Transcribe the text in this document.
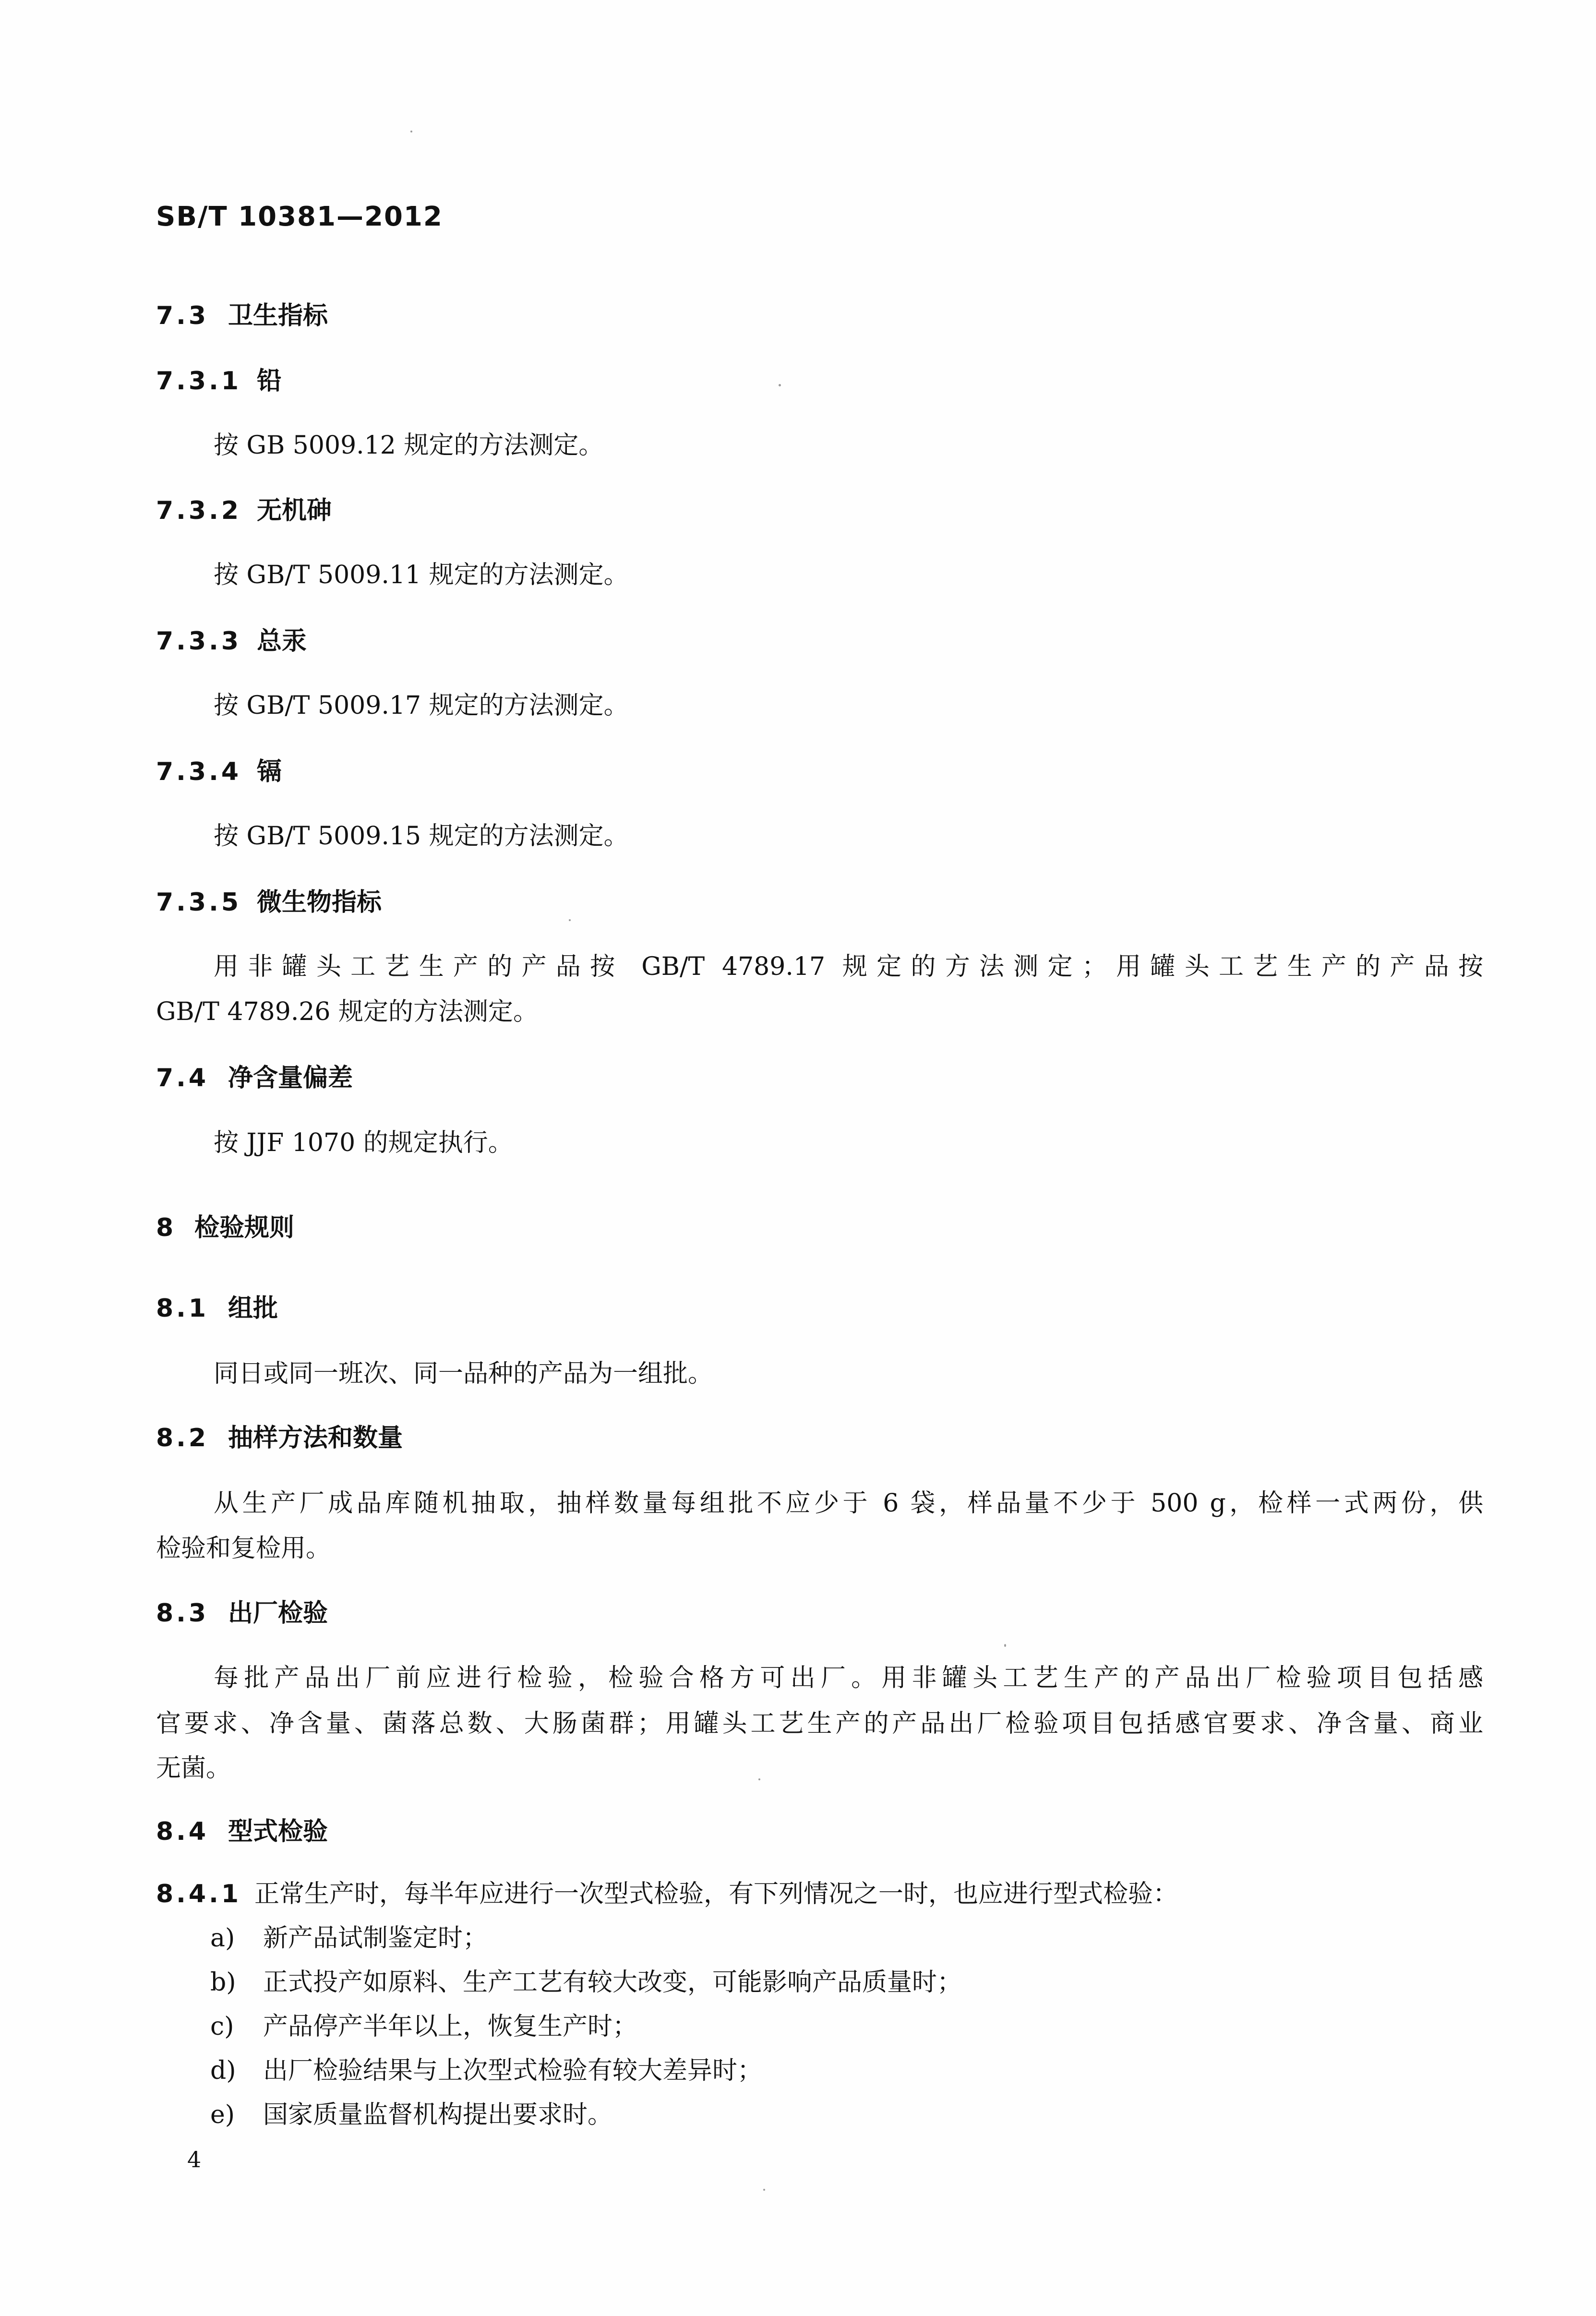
SB/T 10381—2012
7.3 卫生指标
7.3.1 铅
按 GB 5009.12 规定的方法测定。
7.3.2 无机砷
按 GB/T 5009.11 规定的方法测定。
7.3.3 总汞
按 GB/T 5009.17 规定的方法测定。
7.3.4 镉
按 GB/T 5009.15 规定的方法测定。
7.3.5 微生物指标
用非罐头工艺生产的产品按 GB/T 4789.17 规定的方法测定；用罐头工艺生产的产品按
GB/T 4789.26 规定的方法测定。
7.4 净含量偏差
按 JJF 1070 的规定执行。
8 检验规则
8.1 组批
同日或同一班次、同一品种的产品为一组批。
8.2 抽样方法和数量
从生产厂成品库随机抽取，抽样数量每组批不应少于 6 袋，样品量不少于 500 g，检样一式两份，供
检验和复检用。
8.3 出厂检验
每批产品出厂前应进行检验，检验合格方可出厂。用非罐头工艺生产的产品出厂检验项目包括感
官要求、净含量、菌落总数、大肠菌群；用罐头工艺生产的产品出厂检验项目包括感官要求、净含量、商业
无菌。
8.4 型式检验
8.4.1 正常生产时，每半年应进行一次型式检验，有下列情况之一时，也应进行型式检验：
a) 新产品试制鉴定时；
b) 正式投产如原料、生产工艺有较大改变，可能影响产品质量时；
c) 产品停产半年以上，恢复生产时；
d) 出厂检验结果与上次型式检验有较大差异时；
e) 国家质量监督机构提出要求时。
4
